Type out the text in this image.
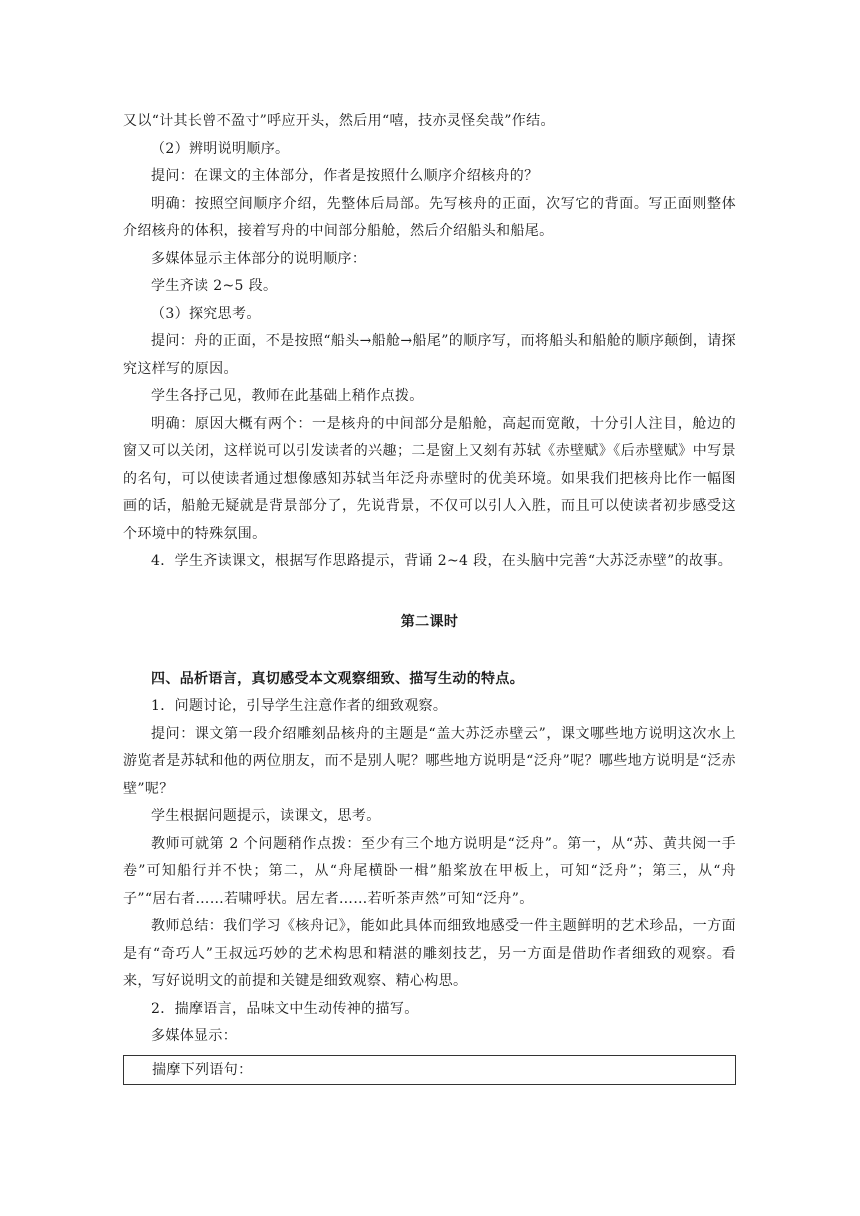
又以“计其长曾不盈寸”呼应开头，然后用“嘻，技亦灵怪矣哉”作结。

（2）辨明说明顺序。

提问：在课文的主体部分，作者是按照什么顺序介绍核舟的？

明确：按照空间顺序介绍，先整体后局部。先写核舟的正面，次写它的背面。写正面则整体介绍核舟的体积，接着写舟的中间部分船舱，然后介绍船头和船尾。

多媒体显示主体部分的说明顺序：

学生齐读 2~5 段。

（3）探究思考。

提问：舟的正面，不是按照“船头→船舱→船尾”的顺序写，而将船头和船舱的顺序颠倒，请探究这样写的原因。

学生各抒己见，教师在此基础上稍作点拨。

明确：原因大概有两个：一是核舟的中间部分是船舱，高起而宽敞，十分引人注目，舱边的窗又可以关闭，这样说可以引发读者的兴趣；二是窗上又刻有苏轼《赤壁赋》《后赤壁赋》中写景的名句，可以使读者通过想像感知苏轼当年泛舟赤壁时的优美环境。如果我们把核舟比作一幅图画的话，船舱无疑就是背景部分了，先说背景，不仅可以引人入胜，而且可以使读者初步感受这个环境中的特殊氛围。

4．学生齐读课文，根据写作思路提示，背诵 2~4 段，在头脑中完善“大苏泛赤壁”的故事。

第二课时

四、品析语言，真切感受本文观察细致、描写生动的特点。

1．问题讨论，引导学生注意作者的细致观察。

提问：课文第一段介绍雕刻品核舟的主题是“盖大苏泛赤壁云”，课文哪些地方说明这次水上游览者是苏轼和他的两位朋友，而不是别人呢？哪些地方说明是“泛舟”呢？哪些地方说明是“泛赤壁”呢？

学生根据问题提示，读课文，思考。

教师可就第 2 个问题稍作点拨：至少有三个地方说明是“泛舟”。第一，从“苏、黄共阅一手卷”可知船行并不快；第二，从“舟尾横卧一楫”船桨放在甲板上，可知“泛舟”；第三，从“舟子”“居右者……若啸呼状。居左者……若听茶声然”可知“泛舟”。

教师总结：我们学习《核舟记》，能如此具体而细致地感受一件主题鲜明的艺术珍品，一方面是有“奇巧人”王叔远巧妙的艺术构思和精湛的雕刻技艺，另一方面是借助作者细致的观察。看来，写好说明文的前提和关键是细致观察、精心构思。

2．揣摩语言，品味文中生动传神的描写。

多媒体显示：

揣摩下列语句：
